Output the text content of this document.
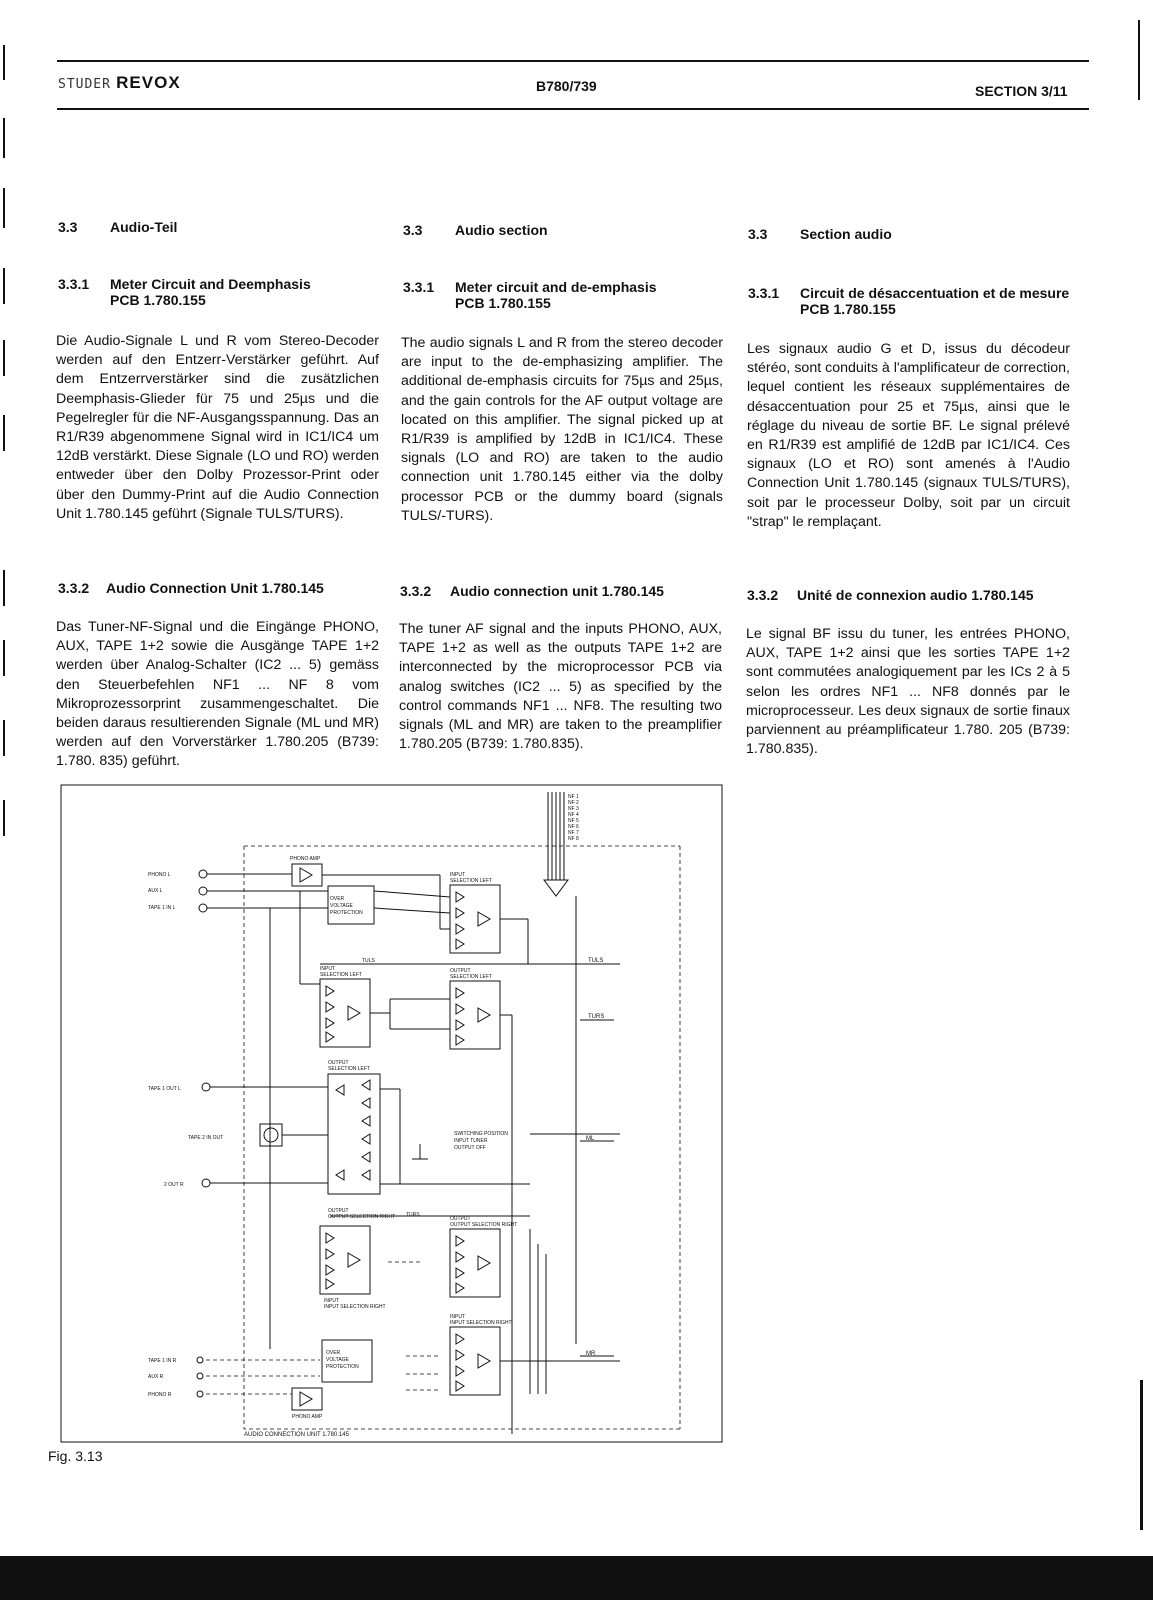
STUDER REVOX	B780/739	SECTION 3/11
3.3 Audio-Teil
3.3.1 Meter Circuit and Deemphasis
PCB 1.780.155
Die Audio-Signale L und R vom Stereo-Decoder werden auf den Entzerr-Verstärker geführt. Auf dem Entzerrverstärker sind die zusätzlichen Deemphasis-Glieder für 75 und 25µs und die Pegelregler für die NF-Ausgangsspannung. Das an R1/R39 abgenommene Signal wird in IC1/IC4 um 12dB verstärkt. Diese Signale (LO und RO) werden entweder über den Dolby Prozessor-Print oder über den Dummy-Print auf die Audio Connection Unit 1.780.145 geführt (Signale TULS/TURS).
3.3.2 Audio Connection Unit 1.780.145
Das Tuner-NF-Signal und die Eingänge PHONO, AUX, TAPE 1+2 sowie die Ausgänge TAPE 1+2 werden über Analog-Schalter (IC2 ... 5) gemäss den Steuerbefehlen NF1 ... NF 8 vom Mikroprozessorprint zusammengeschaltet. Die beiden daraus resultierenden Signale (ML und MR) werden auf den Vorverstärker 1.780.205 (B739: 1.780. 835) geführt.
3.3 Audio section
3.3.1 Meter circuit and de-emphasis
PCB 1.780.155
The audio signals L and R from the stereo decoder are input to the de-emphasizing amplifier. The additional de-emphasis circuits for 75µs and 25µs, and the gain controls for the AF output voltage are located on this amplifier. The signal picked up at R1/R39 is amplified by 12dB in IC1/IC4. These signals (LO and RO) are taken to the audio connection unit 1.780.145 either via the dolby processor PCB or the dummy board (signals TULS/-TURS).
3.3.2 Audio connection unit 1.780.145
The tuner AF signal and the inputs PHONO, AUX, TAPE 1+2 as well as the outputs TAPE 1+2 are interconnected by the microprocessor PCB via analog switches (IC2 ... 5) as specified by the control commands NF1 ... NF8. The resulting two signals (ML and MR) are taken to the preamplifier 1.780.205 (B739: 1.780.835).
3.3 Section audio
3.3.1 Circuit de désaccentuation et de mesure
PCB 1.780.155
Les signaux audio G et D, issus du décodeur stéréo, sont conduits à l'amplificateur de correction, lequel contient les réseaux supplémentaires de désaccentuation pour 25 et 75µs, ainsi que le réglage du niveau de sortie BF. Le signal prélevé en R1/R39 est amplifié de 12dB par IC1/IC4. Ces signaux (LO et RO) sont amenés à l'Audio Connection Unit 1.780.145 (signaux TULS/TURS), soit par le processeur Dolby, soit par un circuit "strap" le remplaçant.
3.3.2 Unité de connexion audio 1.780.145
Le signal BF issu du tuner, les entrées PHONO, AUX, TAPE 1+2 ainsi que les sorties TAPE 1+2 sont commutées analogiquement par les ICs 2 à 5 selon les ordres NF1 ... NF8 donnés par le microprocesseur. Les deux signaux de sortie finaux parviennent au préamplificateur 1.780. 205 (B739: 1.780.835).
NF 1
NF 2
NF 3
NF 4
NF 5
NF 6
NF 7
NF 8
PHONO L
AUX L
TAPE 1 IN L
PHONO AMP
OVER
VOLTAGE
PROTECTION
INPUT
SELECTION LEFT
TULS	TULS
TURS
INPUT
SELECTION LEFT
OUTPUT
SELECTION LEFT
OUTPUT
SELECTION LEFT
TAPE 1 OUT L
TAPE 2 IN OUT
2 OUT R
SWITCHING POSITION
INPUT TUNER
OUTPUT OFF
ML
OUTPUT
OUTPUT SELECTION RIGHT TURS
INPUT
INPUT SELECTION RIGHT
OUTPUT
OUTPUT SELECTION RIGHT
INPUT
INPUT SELECTION RIGHT
MR
TAPE 1 IN R
AUX R
PHONO R
OVER
VOLTAGE
PROTECTION
PHONO AMP
AUDIO CONNECTION UNIT 1.780.145
Fig. 3.13
